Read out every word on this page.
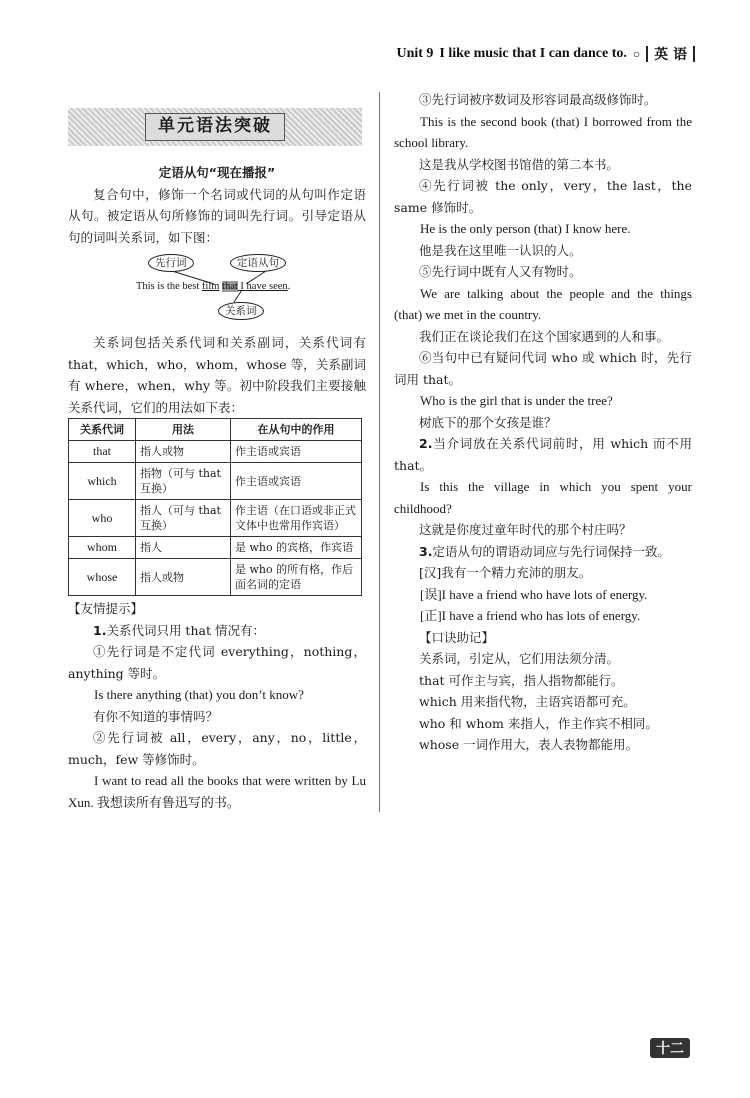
Unit 9 I like music that I can dance to. ○ 英 语
单元语法突破

定语从句“现在播报”

复合句中，修饰一个名词或代词的从句叫作定语从句。被定语从句所修饰的词叫先行词。引导定语从句的词叫关系词，如下图：

先行词	定语从句
This is the best film that I have seen.
关系词

关系词包括关系代词和关系副词，关系代词有 that，which，who，whom，whose 等，关系副词有 where，when，why 等。初中阶段我们主要接触关系代词，它们的用法如下表：

关系代词	用法	在从句中的作用
that	指人或物	作主语或宾语
which	指物（可与 that 互换）	作主语或宾语
who	指人（可与 that 互换）	作主语（在口语或非正式文体中也常用作宾语）
whom	指人	是 who 的宾格，作宾语
whose	指人或物	是 who 的所有格，作后面名词的定语

【友情提示】

1.关系代词只用 that 情况有：

①先行词是不定代词 everything，nothing，anything 等时。

Is there anything (that) you don’t know?

有你不知道的事情吗？

②先行词被 all，every，any，no，little，much，few 等修饰时。

I want to read all the books that were written by Lu Xun. 我想读所有鲁迅写的书。

③先行词被序数词及形容词最高级修饰时。

This is the second book (that) I borrowed from the school library.

这是我从学校图书馆借的第二本书。

④先行词被 the only，very，the last，the same 修饰时。

He is the only person (that) I know here.

他是我在这里唯一认识的人。

⑤先行词中既有人又有物时。

We are talking about the people and the things (that) we met in the country.

我们正在谈论我们在这个国家遇到的人和事。

⑥当句中已有疑问代词 who 或 which 时，先行词用 that。

Who is the girl that is under the tree?

树底下的那个女孩是谁？

2.当介词放在关系代词前时，用 which 而不用 that。

Is this the village in which you spent your childhood?

这就是你度过童年时代的那个村庄吗？

3.定语从句的谓语动词应与先行词保持一致。

[汉]我有一个精力充沛的朋友。

[误]I have a friend who have lots of energy.

[正]I have a friend who has lots of energy.

【口诀助记】

关系词，引定从，它们用法须分清。

that 可作主与宾，指人指物都能行。

which 用来指代物，主语宾语都可充。

who 和 whom 来指人，作主作宾不相同。

whose 一词作用大，表人表物都能用。

十二
